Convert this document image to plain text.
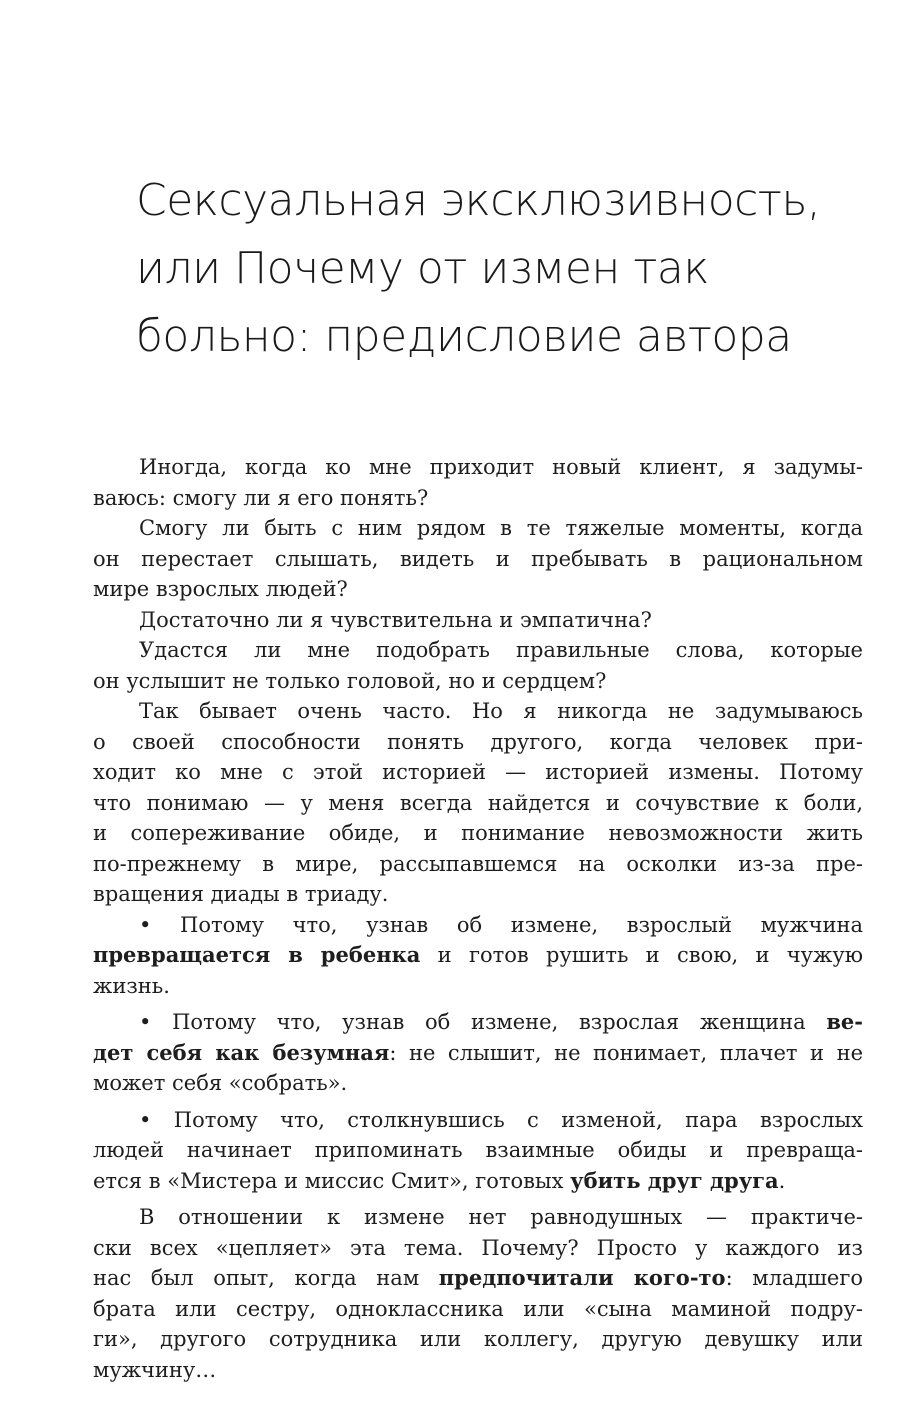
Сексуальная эксклюзивность,
или Почему от измен так
больно: предисловие автора
Иногда, когда ко мне приходит новый клиент, я задумы-
ваюсь: смогу ли я его понять?
Смогу ли быть с ним рядом в те тяжелые моменты, когда
он перестает слышать, видеть и пребывать в рациональном
мире взрослых людей?
Достаточно ли я чувствительна и эмпатична?
Удастся ли мне подобрать правильные слова, которые
он услышит не только головой, но и сердцем?
Так бывает очень часто. Но я никогда не задумываюсь
о своей способности понять другого, когда человек при-
ходит ко мне с этой историей — историей измены. Потому
что понимаю — у меня всегда найдется и сочувствие к боли,
и сопереживание обиде, и понимание невозможности жить
по-прежнему в мире, рассыпавшемся на осколки из-за пре-
вращения диады в триаду.
• Потому что, узнав об измене, взрослый мужчина
превращается в ребенка и готов рушить и свою, и чужую
жизнь.
• Потому что, узнав об измене, взрослая женщина ве-
дет себя как безумная: не слышит, не понимает, плачет и не
может себя «собрать».
• Потому что, столкнувшись с изменой, пара взрослых
людей начинает припоминать взаимные обиды и превраща-
ется в «Мистера и миссис Смит», готовых убить друг друга.
В отношении к измене нет равнодушных — практиче-
ски всех «цепляет» эта тема. Почему? Просто у каждого из
нас был опыт, когда нам предпочитали кого-то: младшего
брата или сестру, одноклассника или «сына маминой подру-
ги», другого сотрудника или коллегу, другую девушку или
мужчину…
